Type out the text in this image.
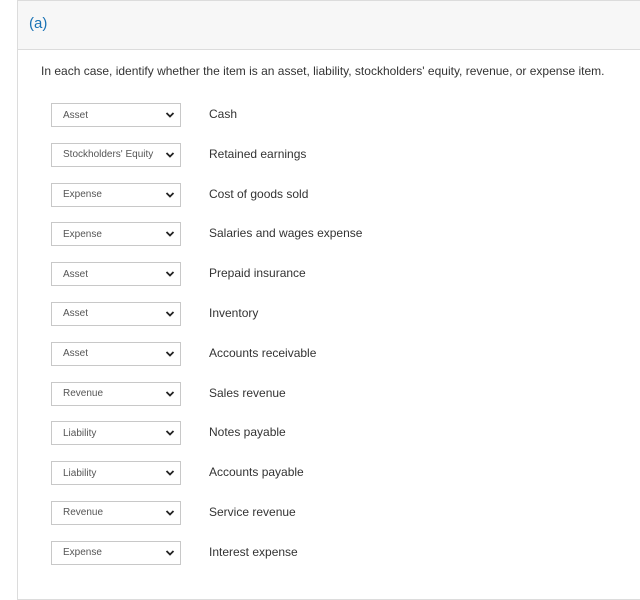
(a)
In each case, identify whether the item is an asset, liability, stockholders' equity, revenue, or expense item.
Asset	Cash
Stockholders' Equity	Retained earnings
Expense	Cost of goods sold
Expense	Salaries and wages expense
Asset	Prepaid insurance
Asset	Inventory
Asset	Accounts receivable
Revenue	Sales revenue
Liability	Notes payable
Liability	Accounts payable
Revenue	Service revenue
Expense	Interest expense
